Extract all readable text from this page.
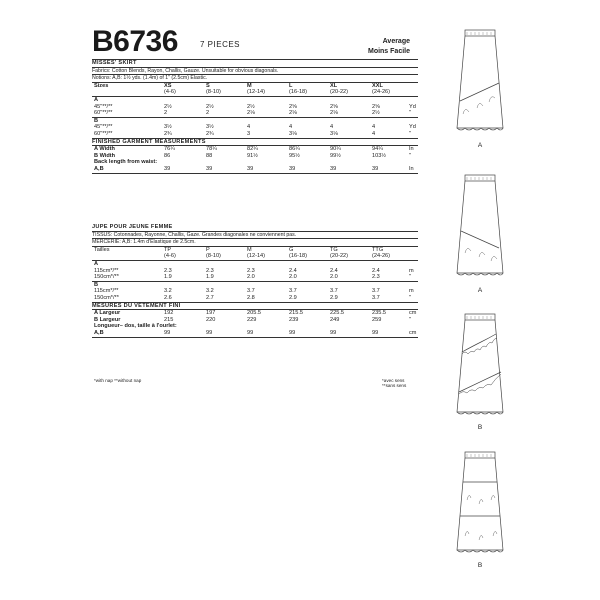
B6736	7 PIECES	Average
Moins Facile
MISSES' SKIRT
Fabrics: Cotton Blends, Rayon, Challis, Gauze. Unsuitable for obvious diagonals.
Notions: A,B: 1½ yds. (1.4m) of 1" (2.5cm) Elastic.
Sizes	XS	S	M	L	XL	XXL
(4-6)	(8-10)	(12-14)	(16-18)	(20-22)	(24-26)
A
45"**/**	2½	2½	2½	2⅝	2⅝	2⅝	Yd
60"**/**	2	2	2⅛	2⅛	2⅛	2½	"
B
45"**/**	3½	3½	4	4	4	4	Yd
60"**/**	2¾	2¾	3	3⅛	3⅛	4	"
FINISHED GARMENT MEASUREMENTS
A Width	76¼	78¼	82¼	86¼	90¼	94¼	In
B Width	86	88	91½	95½	99½	103½	"
Back length from waist:
A,B	39	39	39	39	39	39	In
JUPE POUR JEUNE FEMME
TISSUS: Cotonnades, Rayonne, Challis, Gaze. Grandes diagonales ne conviennent pas.
MERCERIE: A,B: 1.4m d'Élastique de 2.5cm.
Tailles	TP	P	M	G	TG	TTG
(4-6)	(8-10)	(12-14)	(16-18)	(20-22)	(24-26)
A
115cm*/**	2.3	2.3	2.3	2.4	2.4	2.4	m
150cm*/**	1.9	1.9	2.0	2.0	2.0	2.3	"
B
115cm*/**	3.2	3.2	3.7	3.7	3.7	3.7	m
150cm*/**	2.6	2.7	2.8	2.9	2.9	3.7	"
MESURES DU VÊTEMENT FINI
A Largeur	192	197	205.5	215.5	225.5	235.5	cm
B Largeur	215	220	229	239	249	259	"
Longueur– dos, taille à l'ourlet:
A,B	99	99	99	99	99	99	cm
*with nap **without nap	*avec sens **sans sens
A
A
B
B
